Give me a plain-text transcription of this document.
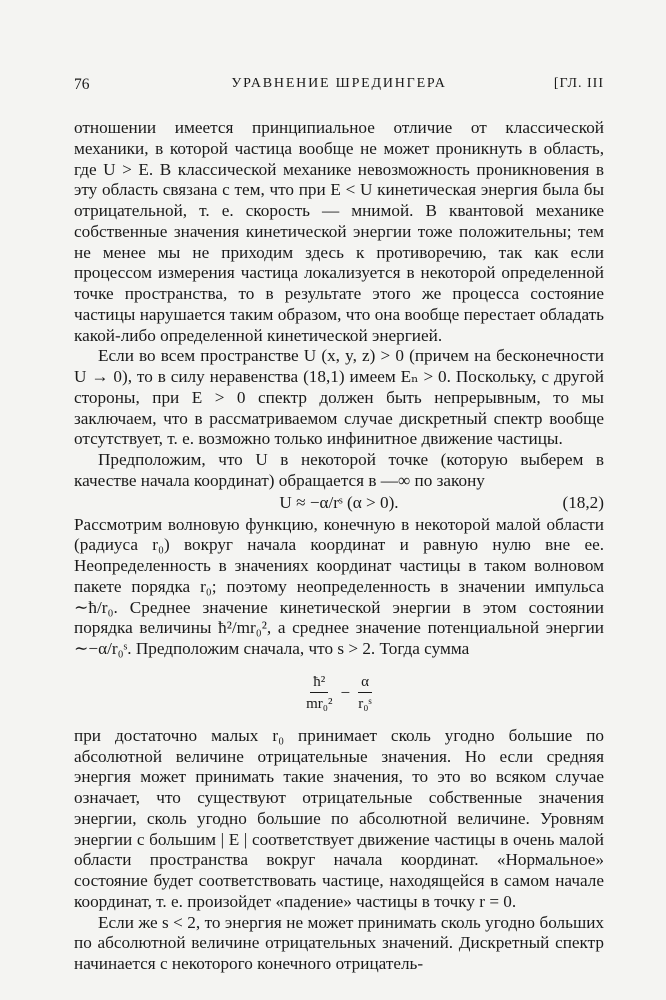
76	УРАВНЕНИЕ ШРЕДИНГЕРА	[ГЛ. III

отношении имеется принципиальное отличие от классической механики, в которой частица вообще не может проникнуть в область, где U > E. В классической механике невозможность проникновения в эту область связана с тем, что при E < U кинетическая энергия была бы отрицательной, т. е. скорость — мнимой. В квантовой механике собственные значения кинетической энергии тоже положительны; тем не менее мы не приходим здесь к противоречию, так как если процессом измерения частица локализуется в некоторой определенной точке пространства, то в результате этого же процесса состояние частицы нарушается таким образом, что она вообще перестает обладать какой-либо определенной кинетической энергией.

Если во всем пространстве U (x, y, z) > 0 (причем на бесконечности U → 0), то в силу неравенства (18,1) имеем Eₙ > 0. Поскольку, с другой стороны, при E > 0 спектр должен быть непрерывным, то мы заключаем, что в рассматриваемом случае дискретный спектр вообще отсутствует, т. е. возможно только инфинитное движение частицы.

Предположим, что U в некоторой точке (которую выберем в качестве начала координат) обращается в —∞ по закону

U ≈ −α/rˢ (α > 0).	(18,2)

Рассмотрим волновую функцию, конечную в некоторой малой области (радиуса r₀) вокруг начала координат и равную нулю вне ее. Неопределенность в значениях координат частицы в таком волновом пакете порядка r₀; поэтому неопределенность в значении импульса ∼ħ/r₀. Среднее значение кинетической энергии в этом состоянии порядка величины ħ²/mr₀², а среднее значение потенциальной энергии ∼−α/r₀ˢ. Предположим сначала, что s > 2. Тогда сумма

$\frac{\text{ħ²}}{\text{mr₀²}} - \frac{\alpha}{\text{r₀ˢ}}$

при достаточно малых r₀ принимает сколь угодно большие по абсолютной величине отрицательные значения. Но если средняя энергия может принимать такие значения, то это во всяком случае означает, что существуют отрицательные собственные значения энергии, сколь угодно большие по абсолютной величине. Уровням энергии с большим | E | соответствует движение частицы в очень малой области пространства вокруг начала координат. «Нормальное» состояние будет соответствовать частице, находящейся в самом начале координат, т. е. произойдет «падение» частицы в точку r = 0.

Если же s < 2, то энергия не может принимать сколь угодно больших по абсолютной величине отрицательных значений. Дискретный спектр начинается с некоторого конечного отрицатель-
